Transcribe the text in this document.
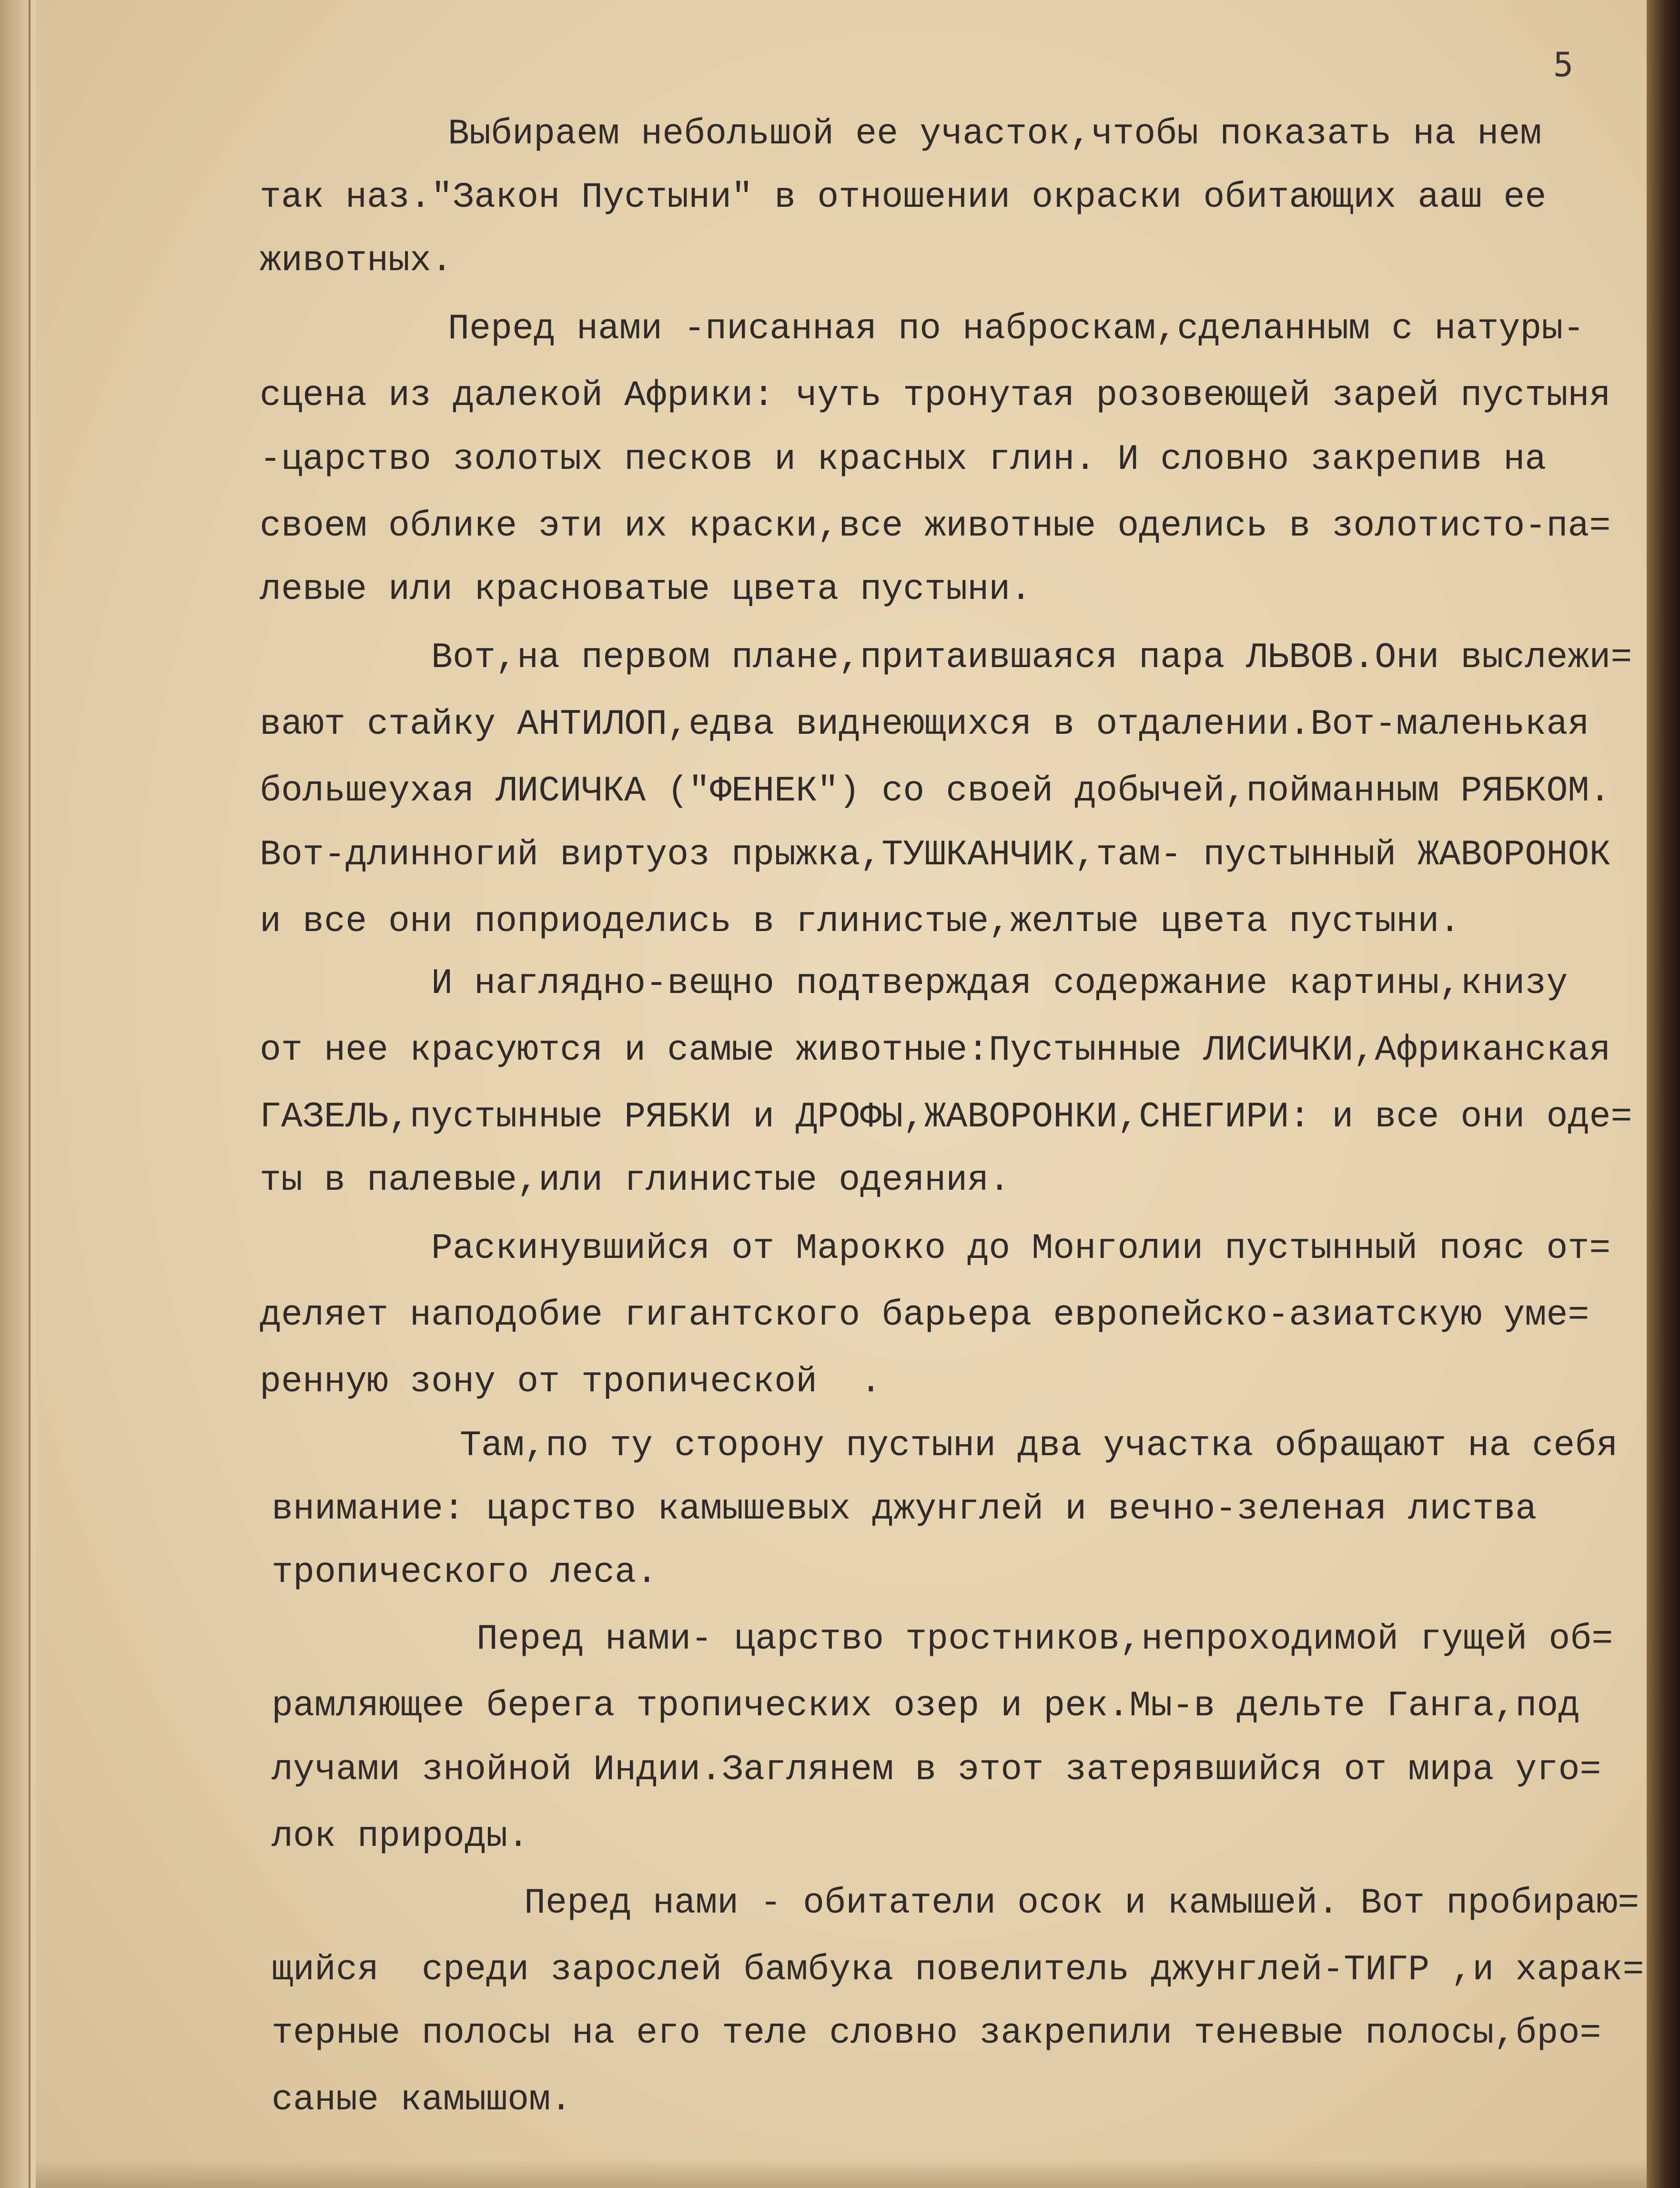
5
Выбираем небольшой ее участок,чтобы показать на нем
так наз."Закон Пустыни" в отношении окраски обитающих ааш ее
животных.
Перед нами -писанная по наброскам,сделанным с натуры-
сцена из далекой Африки: чуть тронутая розовеющей зарей пустыня
-царство золотых песков и красных глин. И словно закрепив на
своем облике эти их краски,все животные оделись в золотисто-па=
левые или красноватые цвета пустыни.
Вот,на первом плане,притаившаяся пара ЛЬВОВ.Они выслежи=
вают стайку АНТИЛОП,едва виднеющихся в отдалении.Вот-маленькая
большеухая ЛИСИЧКА ("ФЕНЕК") со своей добычей,пойманным РЯБКОМ.
Вот-длинногий виртуоз прыжка,ТУШКАНЧИК,там- пустынный ЖАВОРОНОК
и все они поприоделись в глинистые,желтые цвета пустыни.
И наглядно-вещно подтверждая содержание картины,книзу
от нее красуются и самые животные:Пустынные ЛИСИЧКИ,Африканская
ГАЗЕЛЬ,пустынные РЯБКИ и ДРОФЫ,ЖАВОРОНКИ,СНЕГИРИ: и все они оде=
ты в палевые,или глинистые одеяния.
Раскинувшийся от Марокко до Монголии пустынный пояс от=
деляет наподобие гигантского барьера европейско-азиатскую уме=
ренную зону от тропической  .
Там,по ту сторону пустыни два участка обращают на себя
внимание: царство камышевых джунглей и вечно-зеленая листва
тропического леса.
Перед нами- царство тростников,непроходимой гущей об=
рамляющее берега тропических озер и рек.Мы-в дельте Ганга,под
лучами знойной Индии.Заглянем в этот затерявшийся от мира уго=
лок природы.
Перед нами - обитатели осок и камышей. Вот пробираю=
щийся  среди зарослей бамбука повелитель джунглей-ТИГР ,и харак=
терные полосы на его теле словно закрепили теневые полосы,бро=
саные камышом.
